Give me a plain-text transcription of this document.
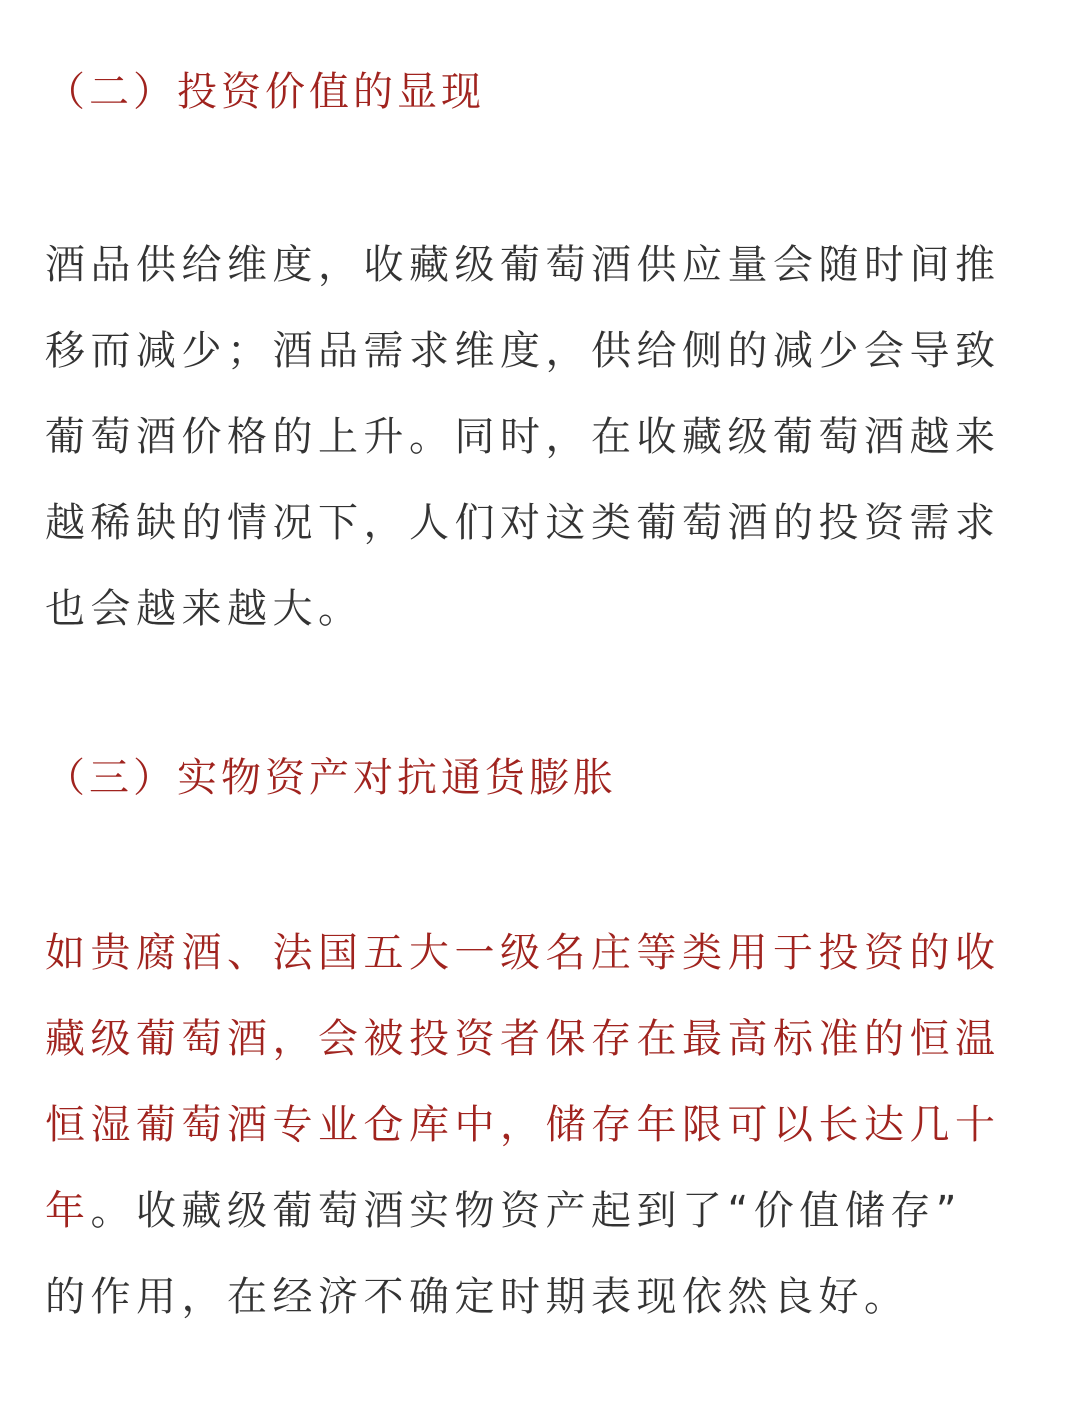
（二）投资价值的显现
酒品供给维度，收藏级葡萄酒供应量会随时间推
移而减少；酒品需求维度，供给侧的减少会导致
葡萄酒价格的上升。同时，在收藏级葡萄酒越来
越稀缺的情况下，人们对这类葡萄酒的投资需求
也会越来越大。
（三）实物资产对抗通货膨胀
如贵腐酒、法国五大一级名庄等类用于投资的收
藏级葡萄酒，会被投资者保存在最高标准的恒温
恒湿葡萄酒专业仓库中，储存年限可以长达几十
年。收藏级葡萄酒实物资产起到了“价值储存”
的作用，在经济不确定时期表现依然良好。
